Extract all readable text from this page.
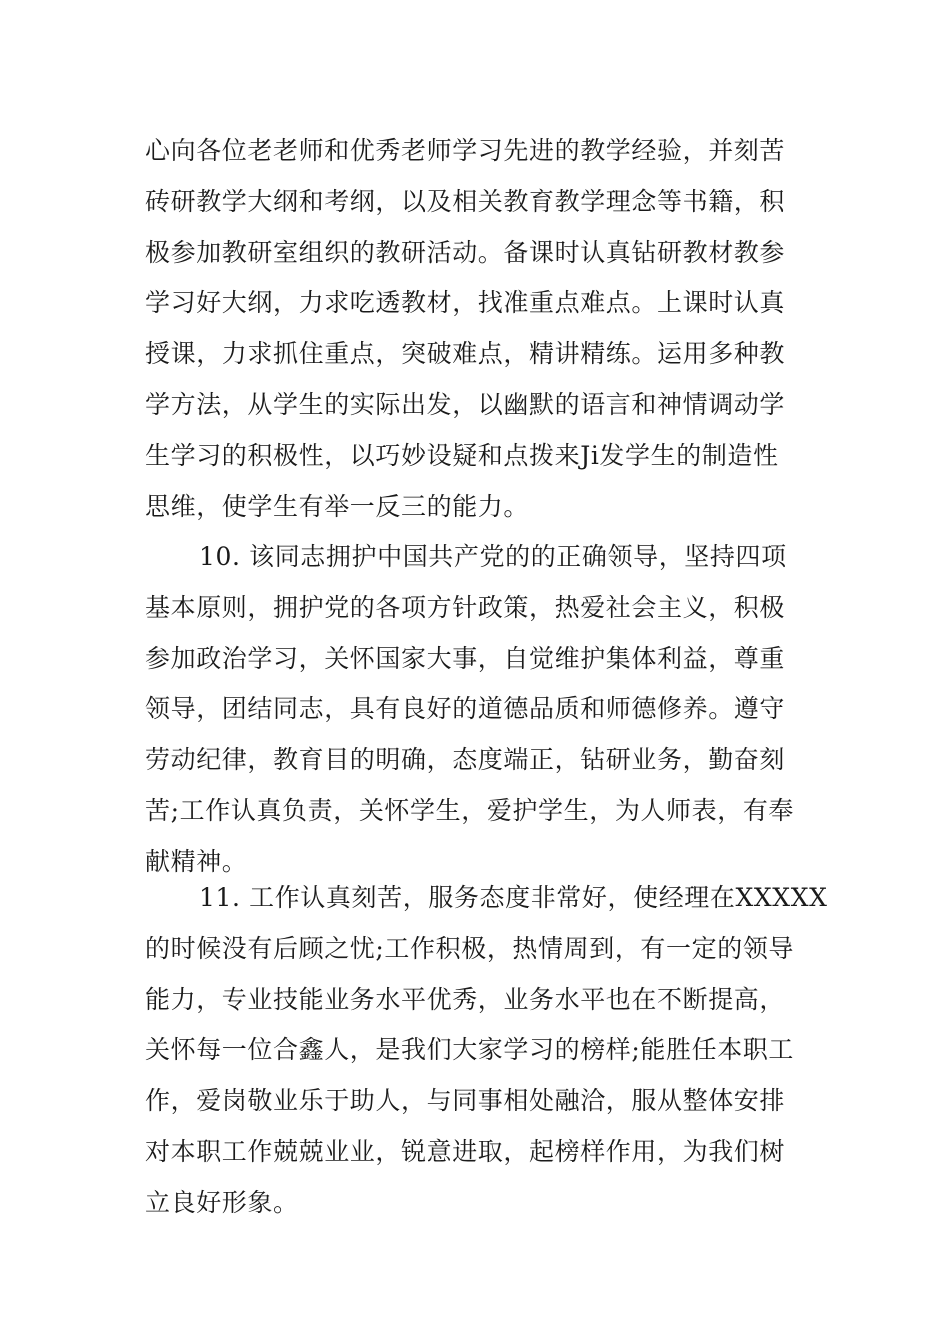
心向各位老老师和优秀老师学习先进的教学经验，并刻苦
砖研教学大纲和考纲，以及相关教育教学理念等书籍，积
极参加教研室组织的教研活动。备课时认真钻研教材教参
学习好大纲，力求吃透教材，找准重点难点。上课时认真
授课，力求抓住重点，突破难点，精讲精练。运用多种教
学方法，从学生的实际出发，以幽默的语言和神情调动学
生学习的积极性，以巧妙设疑和点拨来Ji发学生的制造性
思维，使学生有举一反三的能力。
10. 该同志拥护中国共产党的的正确领导，坚持四项
基本原则，拥护党的各项方针政策，热爱社会主义，积极
参加政治学习，关怀国家大事，自觉维护集体利益，尊重
领导，团结同志，具有良好的道德品质和师德修养。遵守
劳动纪律，教育目的明确，态度端正，钻研业务，勤奋刻
苦;工作认真负责，关怀学生，爱护学生，为人师表，有奉
献精神。
11. 工作认真刻苦，服务态度非常好，使经理在XXXXX
的时候没有后顾之忧;工作积极，热情周到，有一定的领导
能力，专业技能业务水平优秀，业务水平也在不断提高，
关怀每一位合鑫人，是我们大家学习的榜样;能胜任本职工
作，爱岗敬业乐于助人，与同事相处融洽，服从整体安排
对本职工作兢兢业业，锐意进取，起榜样作用，为我们树
立良好形象。
